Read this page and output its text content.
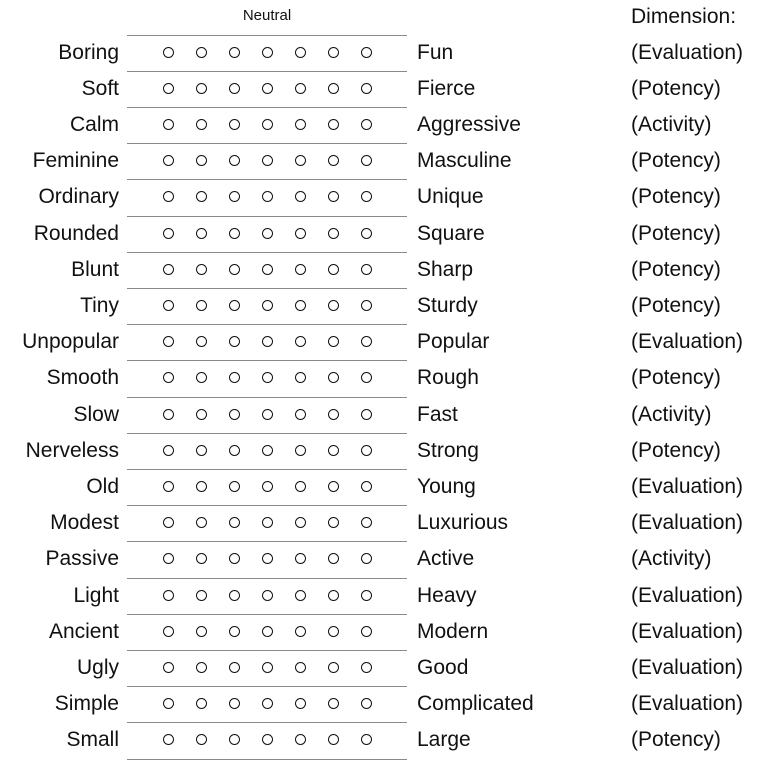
Neutral	Dimension:
Boring	Fun	(Evaluation)
Soft	Fierce	(Potency)
Calm	Aggressive	(Activity)
Feminine	Masculine	(Potency)
Ordinary	Unique	(Potency)
Rounded	Square	(Potency)
Blunt	Sharp	(Potency)
Tiny	Sturdy	(Potency)
Unpopular	Popular	(Evaluation)
Smooth	Rough	(Potency)
Slow	Fast	(Activity)
Nerveless	Strong	(Potency)
Old	Young	(Evaluation)
Modest	Luxurious	(Evaluation)
Passive	Active	(Activity)
Light	Heavy	(Evaluation)
Ancient	Modern	(Evaluation)
Ugly	Good	(Evaluation)
Simple	Complicated	(Evaluation)
Small	Large	(Potency)
